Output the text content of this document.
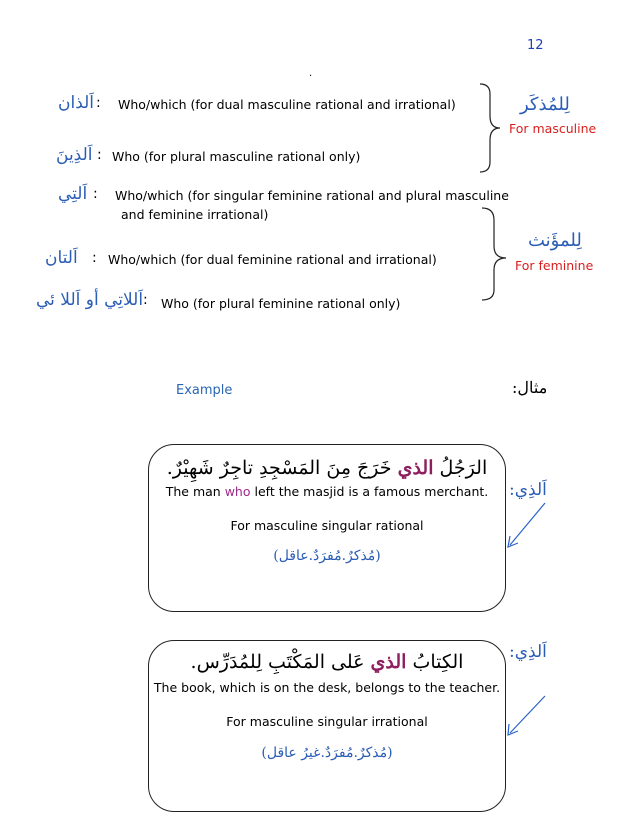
12
.
اَلذان : Who/which (for dual masculine rational and irrational)
اَلذِينَ : Who (for plural masculine rational only)
اَلتِي : Who/which (for singular feminine rational and plural masculine
and feminine irrational)
اَلتان : Who/which (for dual feminine rational and irrational)
اَللاتِي أو اَللا ئي : Who (for plural feminine rational only)
لِلمُذكَر
For masculine
لِلمؤَنث
For feminine
Example	مثال:
اَلذِي:
الرَجُلُ الذي خَرَجَ مِنَ المَسْجِدِ تاجِرٌ شَهِيْرٌ.
The man who left the masjid is a famous merchant.
For masculine singular rational
(مُذكرٌ.مُفرَدٌ.عاقل)
اَلذِي:
الكِتابُ الذي عَلى المَكْتَبِ لِلمُدَرِّس.
The book, which is on the desk, belongs to the teacher.
For masculine singular irrational
(مُذكرٌ.مُفرَدٌ.غيرُ عاقل)
